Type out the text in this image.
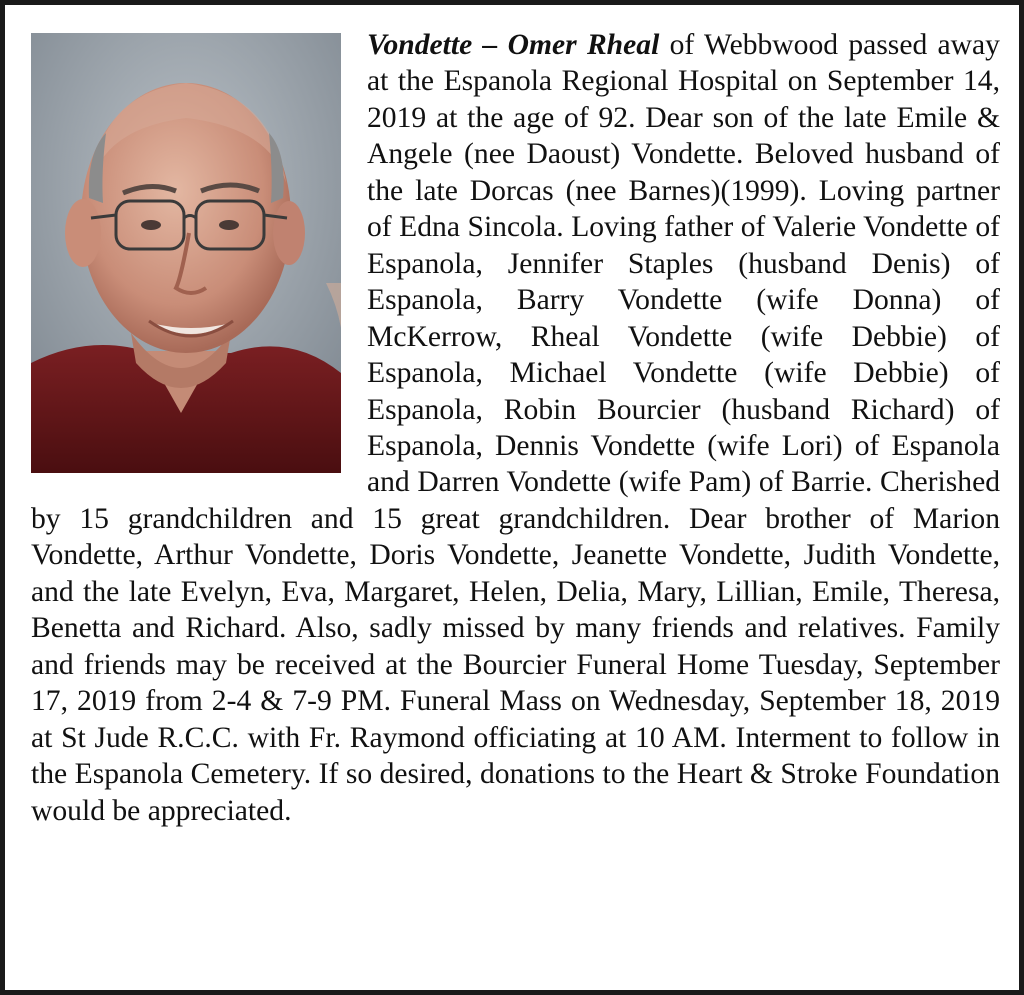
Vondette – Omer Rheal of Webbwood passed away at the Espanola Regional Hospital on September 14, 2019 at the age of 92. Dear son of the late Emile & Angele (nee Daoust) Vondette. Beloved husband of the late Dorcas (nee Barnes)(1999). Loving partner of Edna Sincola. Loving father of Valerie Vondette of Espanola, Jennifer Staples (husband Denis) of Espanola, Barry Vondette (wife Donna) of McKerrow, Rheal Vondette (wife Debbie) of Espanola, Michael Vondette (wife Debbie) of Espanola, Robin Bourcier (husband Richard) of Espanola, Dennis Vondette (wife Lori) of Espanola and Darren Vondette (wife Pam) of Barrie. Cherished by 15 grandchildren and 15 great grandchildren. Dear brother of Marion Vondette, Arthur Vondette, Doris Vondette, Jeanette Vondette, Judith Vondette, and the late Evelyn, Eva, Margaret, Helen, Delia, Mary, Lillian, Emile, Theresa, Benetta and Richard. Also, sadly missed by many friends and relatives. Family and friends may be received at the Bourcier Funeral Home Tuesday, September 17, 2019 from 2-4 & 7-9 PM. Funeral Mass on Wednesday, September 18, 2019 at St Jude R.C.C. with Fr. Raymond officiating at 10 AM. Interment to follow in the Espanola Cemetery. If so desired, donations to the Heart & Stroke Foundation would be appreciated.
